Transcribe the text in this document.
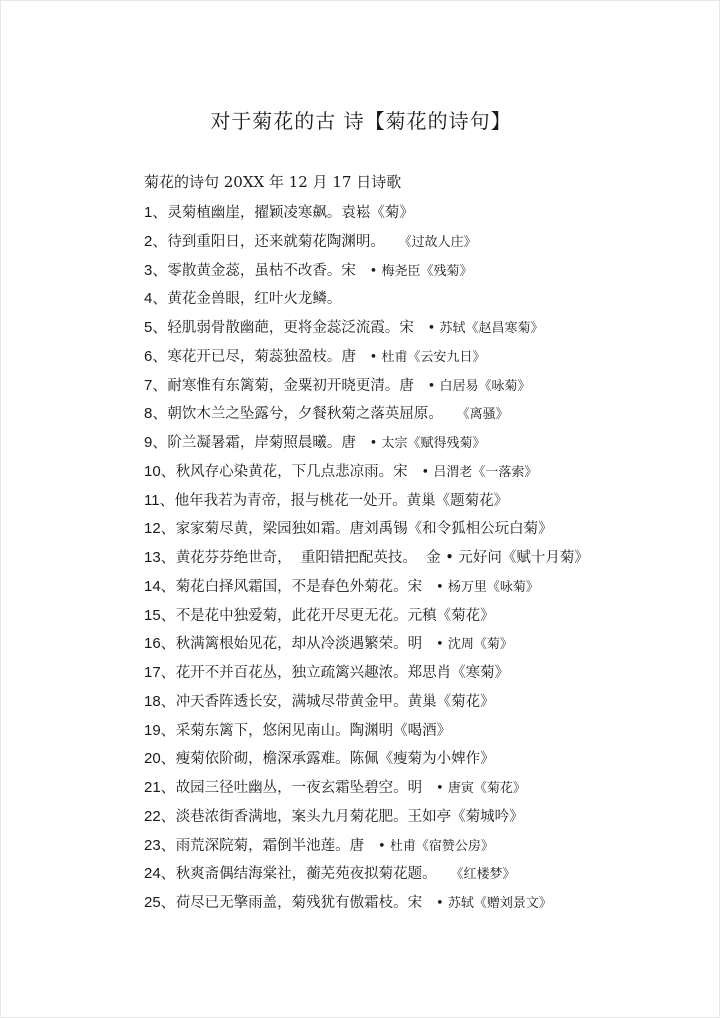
对于菊花的古 诗【菊花的诗句】
菊花的诗句 20XX 年 12 月 17 日诗歌
1、灵菊植幽崖，擢颖凌寒飙。袁崧《菊》
2、待到重阳日，还来就菊花陶渊明。   《过故人庄》
3、零散黄金蕊，虽枯不改香。宋   • 梅尧臣《残菊》
4、黄花金兽眼，红叶火龙鳞。
5、轻肌弱骨散幽葩，更将金蕊泛流霞。宋   • 苏轼《赵昌寒菊》
6、寒花开已尽，菊蕊独盈枝。唐   • 杜甫《云安九日》
7、耐寒惟有东篱菊，金粟初开晓更清。唐   • 白居易《咏菊》
8、朝饮木兰之坠露兮，夕餐秋菊之落英屈原。   《离骚》
9、阶兰凝暑霜，岸菊照晨曦。唐   • 太宗《赋得残菊》
10、秋风存心染黄花，下几点悲凉雨。宋   • 吕渭老《一落索》
11、他年我若为青帝，报与桃花一处开。黄巢《题菊花》
12、家家菊尽黄，梁园独如霜。唐刘禹锡《和令狐相公玩白菊》
13、黄花芬芬绝世奇，  重阳错把配英技。  金 • 元好问《赋十月菊》
14、菊花白择风霜国，不是春色外菊花。宋   • 杨万里《咏菊》
15、不是花中独爱菊，此花开尽更无花。元稹《菊花》
16、秋满篱根始见花，却从冷淡遇繁荣。明   • 沈周《菊》
17、花开不并百花丛，独立疏篱兴趣浓。郑思肖《寒菊》
18、冲天香阵透长安，满城尽带黄金甲。黄巢《菊花》
19、采菊东篱下，悠闲见南山。陶渊明《喝酒》
20、瘦菊依阶砌，檐深承露难。陈佩《瘦菊为小婢作》
21、故园三径吐幽丛，一夜玄霜坠碧空。明   • 唐寅《菊花》
22、淡巷浓街香满地，案头九月菊花肥。王如亭《菊城吟》
23、雨荒深院菊，霜倒半池莲。唐   • 杜甫《宿赞公房》
24、秋爽斋偶结海棠社，蘅芜苑夜拟菊花题。   《红楼梦》
25、荷尽已无擎雨盖，菊残犹有傲霜枝。宋   • 苏轼《赠刘景文》
